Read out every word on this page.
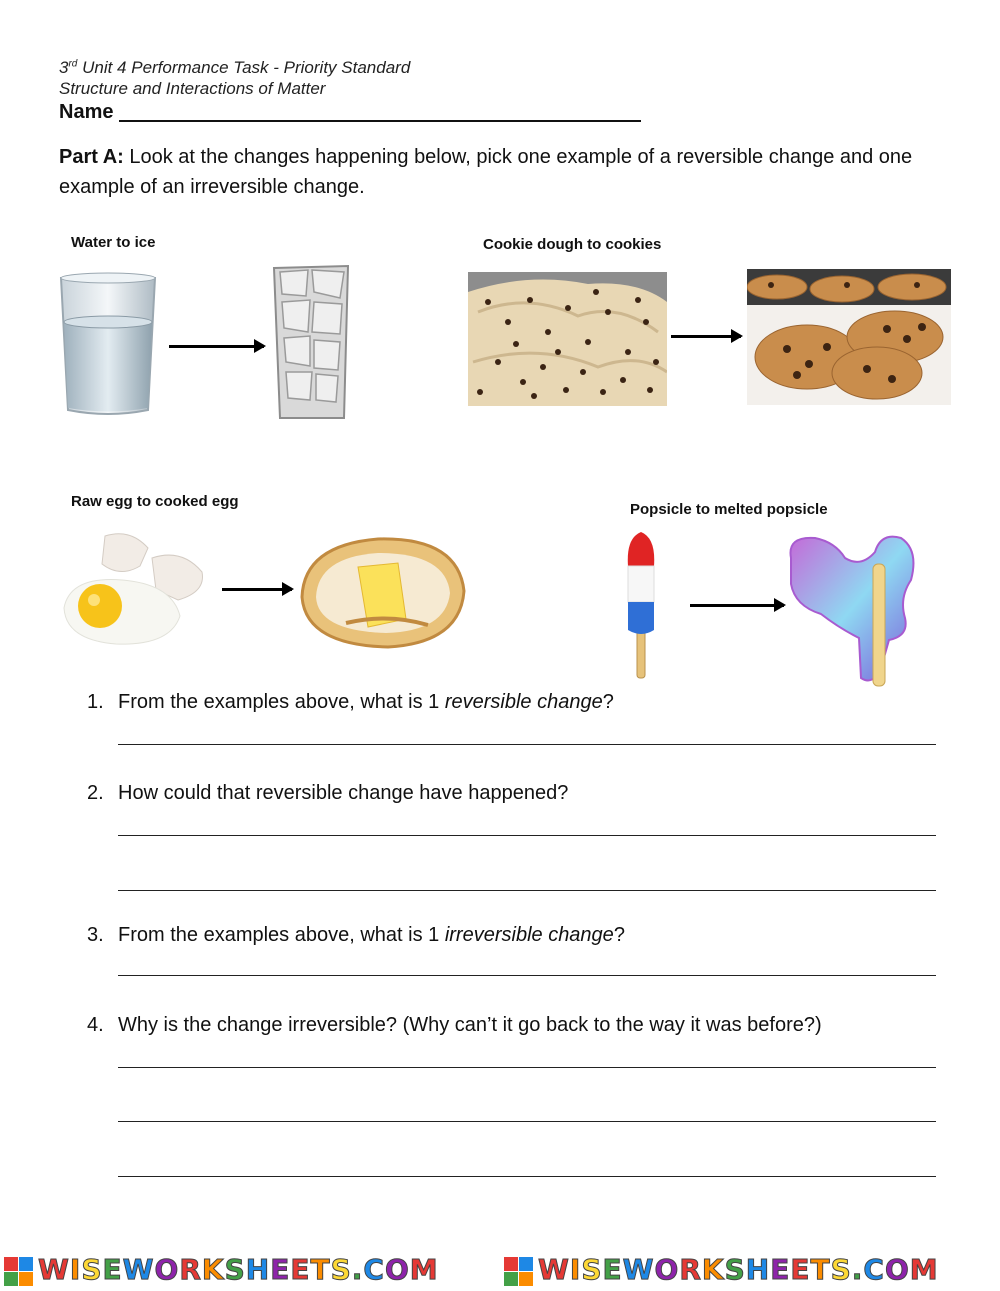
3rd Unit 4 Performance Task - Priority Standard
Structure and Interactions of Matter
Name
Part A: Look at the changes happening below, pick one example of a reversible change and one example of an irreversible change.
Water to ice	Cookie dough to cookies
Raw egg to cooked egg	Popsicle to melted popsicle
1. From the examples above, what is 1 reversible change?
2. How could that reversible change have happened?
3. From the examples above, what is 1 irreversible change?
4. Why is the change irreversible? (Why can’t it go back to the way it was before?)
WISEWORKSHEETS.COM	WISEWORKSHEETS.COM
